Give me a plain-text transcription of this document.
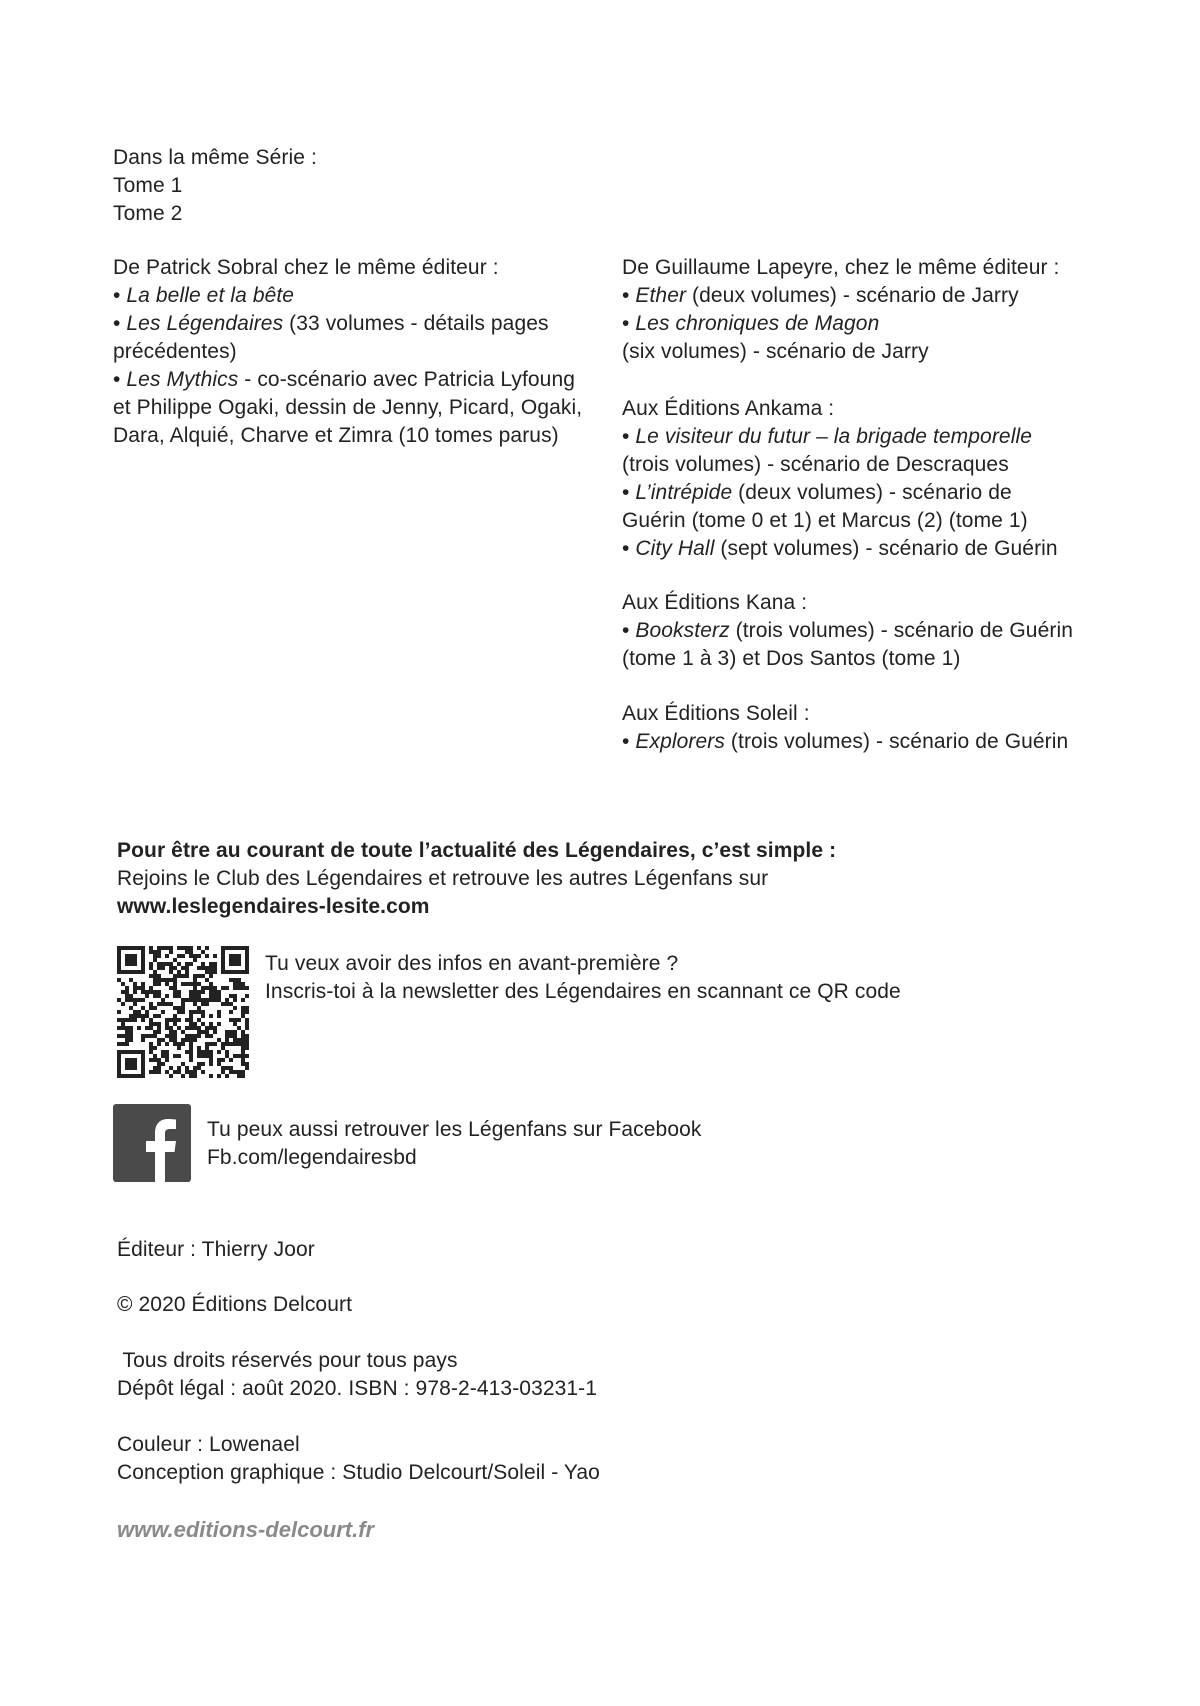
Dans la même Série :
Tome 1
Tome 2
De Patrick Sobral chez le même éditeur :
• La belle et la bête
• Les Légendaires (33 volumes - détails pages précédentes)
• Les Mythics - co-scénario avec Patricia Lyfoung et Philippe Ogaki, dessin de Jenny, Picard, Ogaki, Dara, Alquié, Charve et Zimra (10 tomes parus)
De Guillaume Lapeyre, chez le même éditeur :
• Ether (deux volumes) - scénario de Jarry
• Les chroniques de Magon
(six volumes) - scénario de Jarry
Aux Éditions Ankama :
• Le visiteur du futur – la brigade temporelle
(trois volumes) - scénario de Descraques
• L’intrépide (deux volumes) - scénario de
Guérin (tome 0 et 1) et Marcus (2) (tome 1)
• City Hall (sept volumes) - scénario de Guérin
Aux Éditions Kana :
• Booksterz (trois volumes) - scénario de Guérin
(tome 1 à 3) et Dos Santos (tome 1)
Aux Éditions Soleil :
• Explorers (trois volumes) - scénario de Guérin
Pour être au courant de toute l’actualité des Légendaires, c’est simple :
Rejoins le Club des Légendaires et retrouve les autres Légenfans sur
www.leslegendaires-lesite.com
Tu veux avoir des infos en avant-première ?
Inscris-toi à la newsletter des Légendaires en scannant ce QR code
Tu peux aussi retrouver les Légenfans sur Facebook
Fb.com/legendairesbd
Éditeur : Thierry Joor
© 2020 Éditions Delcourt
Tous droits réservés pour tous pays
Dépôt légal : août 2020. ISBN : 978-2-413-03231-1
Couleur : Lowenael
Conception graphique : Studio Delcourt/Soleil - Yao
www.editions-delcourt.fr
